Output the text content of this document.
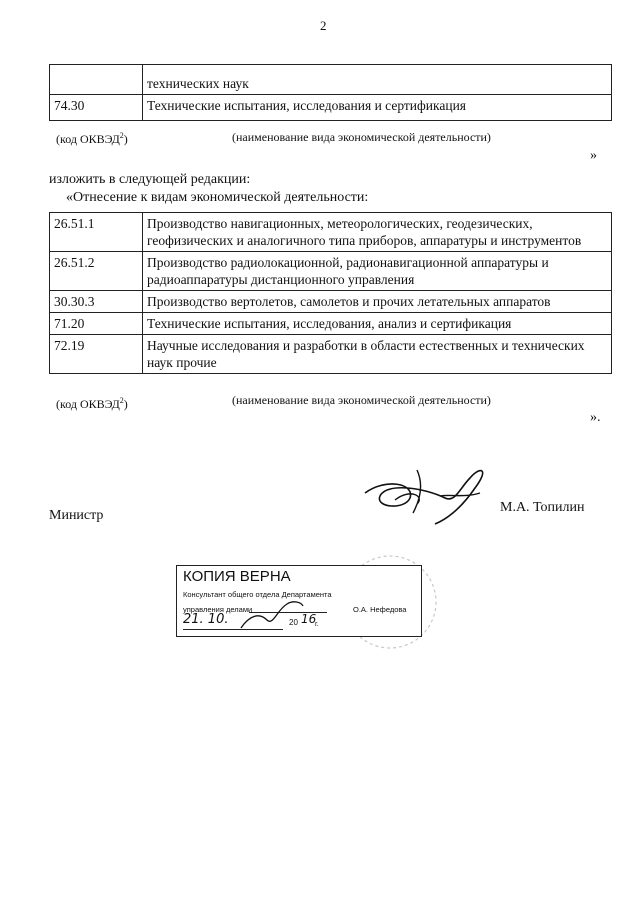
2
	технических наук
74.30	Технические испытания, исследования и сертификация
(код ОКВЭД$^2$)	(наименование вида экономической деятельности)
»
изложить в следующей редакции:
«Отнесение к видам экономической деятельности:
26.51.1	Производство навигационных, метеорологических, геодезических, геофизических и аналогичного типа приборов, аппаратуры и инструментов
26.51.2	Производство радиолокационной, радионавигационной аппаратуры и радиоаппаратуры дистанционного управления
30.30.3	Производство вертолетов, самолетов и прочих летательных аппаратов
71.20	Технические испытания, исследования, анализ и сертификация
72.19	Научные исследования и разработки в области естественных и технических наук прочие
(код ОКВЭД$^2$)	(наименование вида экономической деятельности)
».
Министр
М.А. Топилин
КОПИЯ ВЕРНА
Консультант общего отдела Департамента
управления делами	О.А. Нефедова
21. 10.	20 16
г.
